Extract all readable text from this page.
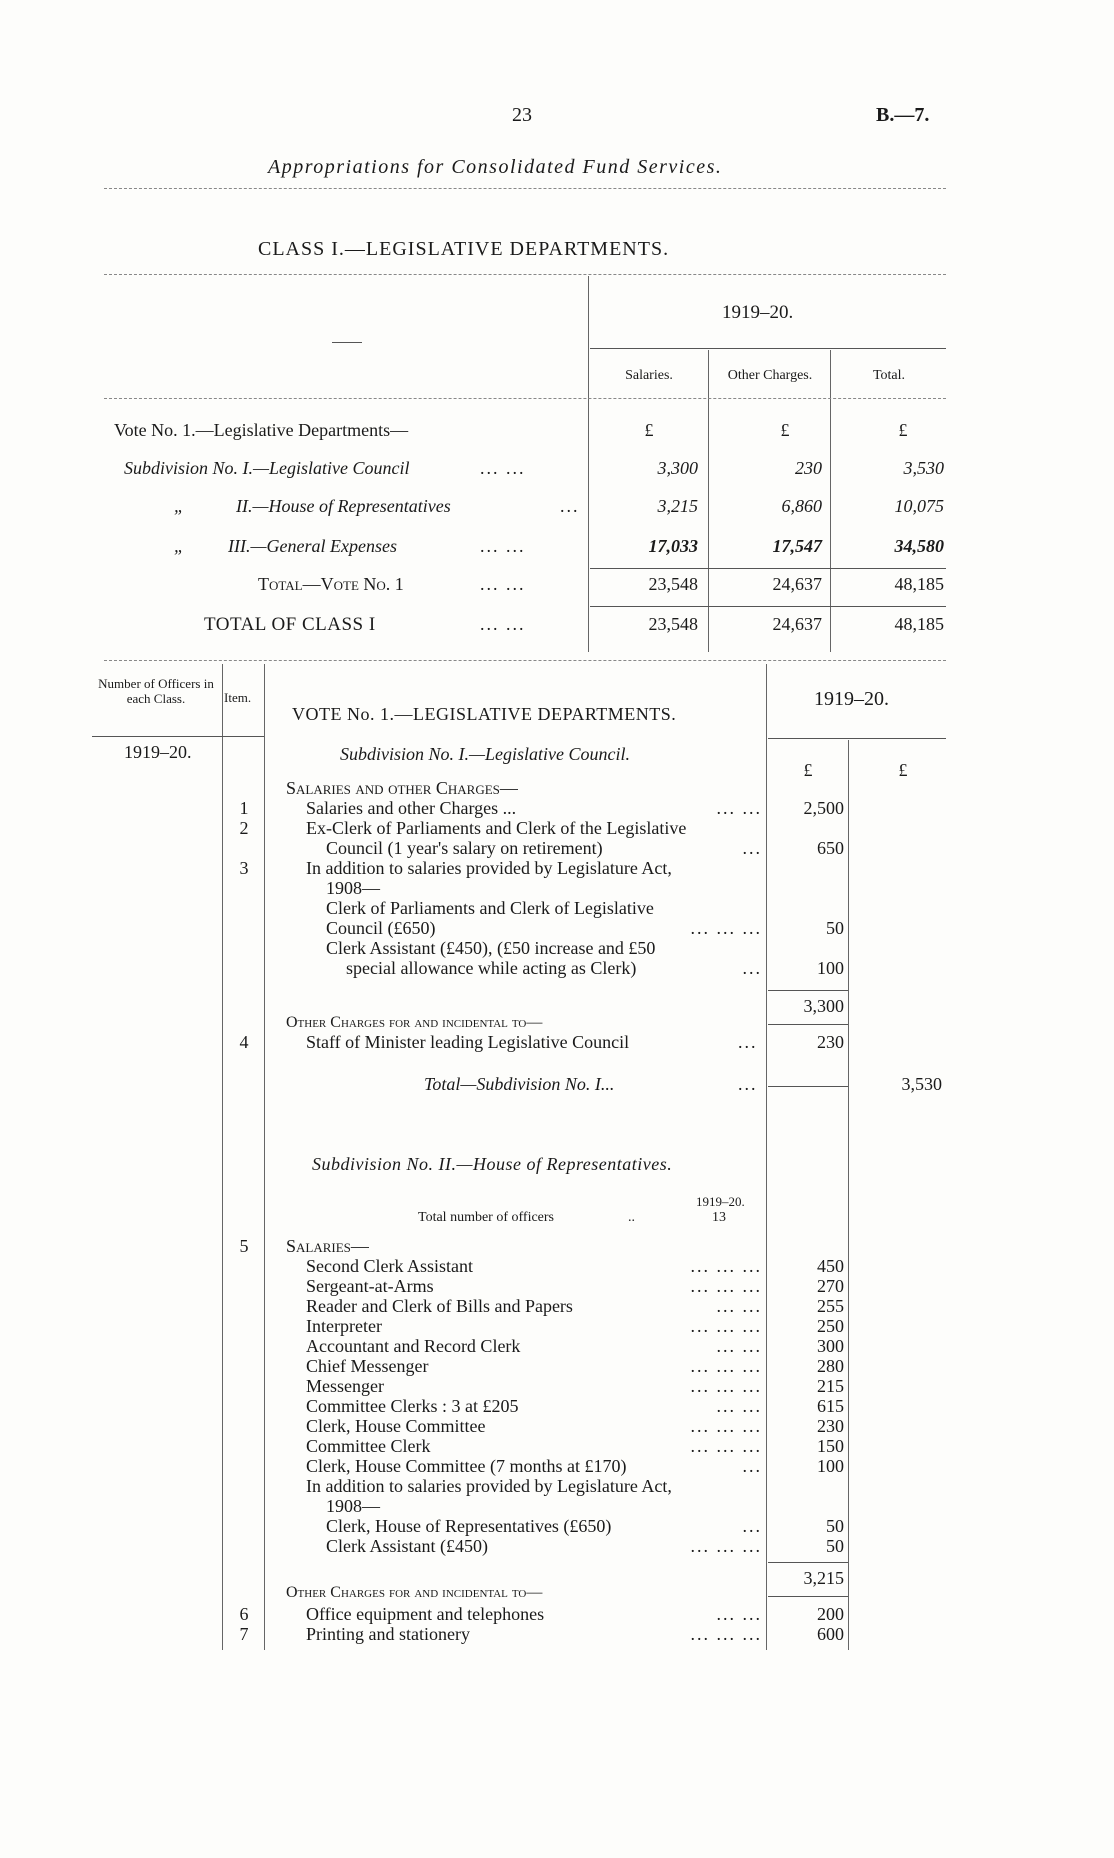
23	B.—7.
Appropriations for Consolidated Fund Services.
CLASS I.—LEGISLATIVE DEPARTMENTS.
1919–20.
Salaries.	Other Charges.	Total.
Vote No. 1.—Legislative Departments—	£	£	£
Subdivision No. I.—Legislative Council	... ...	3,300	230	3,530
„	II.—House of Representatives	...	3,215	6,860	10,075
„ III.—General Expenses	... ...	17,033	17,547	34,580
Total—Vote No. 1	... ...	23,548	24,637	48,185
TOTAL OF CLASS I	... ...	23,548	24,637	48,185
Number of Officers in each Class.	Item.
VOTE No. 1.—LEGISLATIVE DEPARTMENTS.
1919–20.
1919–20.
£	£
Subdivision No. I.—Legislative Council.
Salaries and other Charges—
1	Salaries and other Charges ...	... ...	2,500
2	Ex-Clerk of Parliaments and Clerk of the Legislative
Council (1 year's salary on retirement)	...	650
3	In addition to salaries provided by Legislature Act,
1908—
Clerk of Parliaments and Clerk of Legislative
Council (£650)	... ... ...	50
Clerk Assistant (£450), (£50 increase and £50
special allowance while acting as Clerk)	...	100
3,300
Other Charges for and incidental to—
4	Staff of Minister leading Legislative Council	...	230
Total—Subdivision No. I...	...	3,530
Subdivision No. II.—House of Representatives.
1919–20.
Total number of officers	..	13
5	Salaries—
Second Clerk Assistant	... ... ...	450
Sergeant-at-Arms	... ... ...	270
Reader and Clerk of Bills and Papers	... ...	255
Interpreter	... ... ...	250
Accountant and Record Clerk	... ...	300
Chief Messenger	... ... ...	280
Messenger	... ... ...	215
Committee Clerks : 3 at £205	... ...	615
Clerk, House Committee	... ... ...	230
Committee Clerk	... ... ...	150
Clerk, House Committee (7 months at £170)	...	100
In addition to salaries provided by Legislature Act,
1908—
Clerk, House of Representatives (£650)	...	50
Clerk Assistant (£450)	... ... ...	50
3,215
Other Charges for and incidental to—
6	Office equipment and telephones	... ...	200
7	Printing and stationery	... ... ...	600
